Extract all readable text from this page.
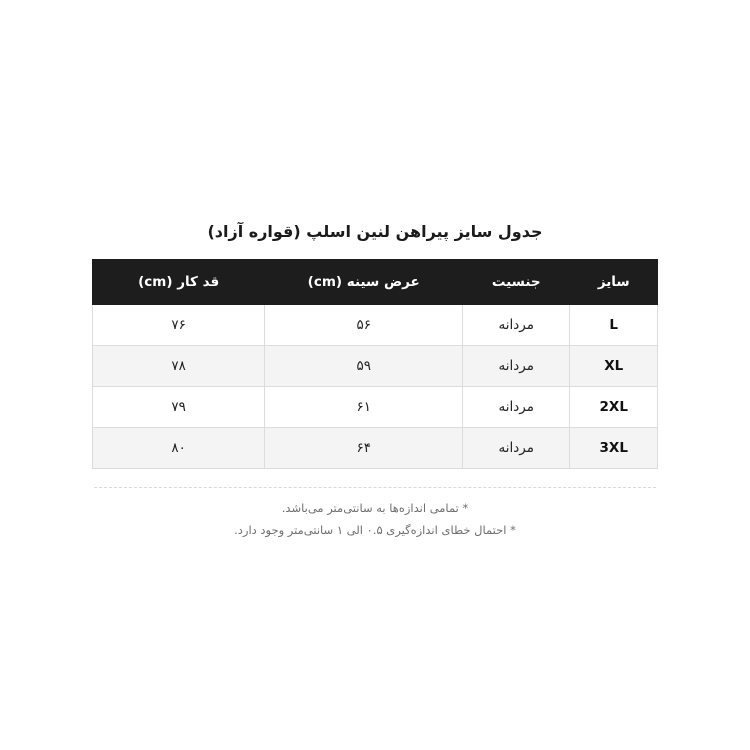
جدول سایز پیراهن لنین اسلپ (قواره آزاد)
سایز	جنسیت	عرض سینه (cm)	قد کار (cm)
L	مردانه	۵۶	۷۶
XL	مردانه	۵۹	۷۸
2XL	مردانه	۶۱	۷۹
3XL	مردانه	۶۴	۸۰
* تمامی اندازه‌ها به سانتی‌متر می‌باشد.
* احتمال خطای اندازه‌گیری ۰.۵ الی ۱ سانتی‌متر وجود دارد.
